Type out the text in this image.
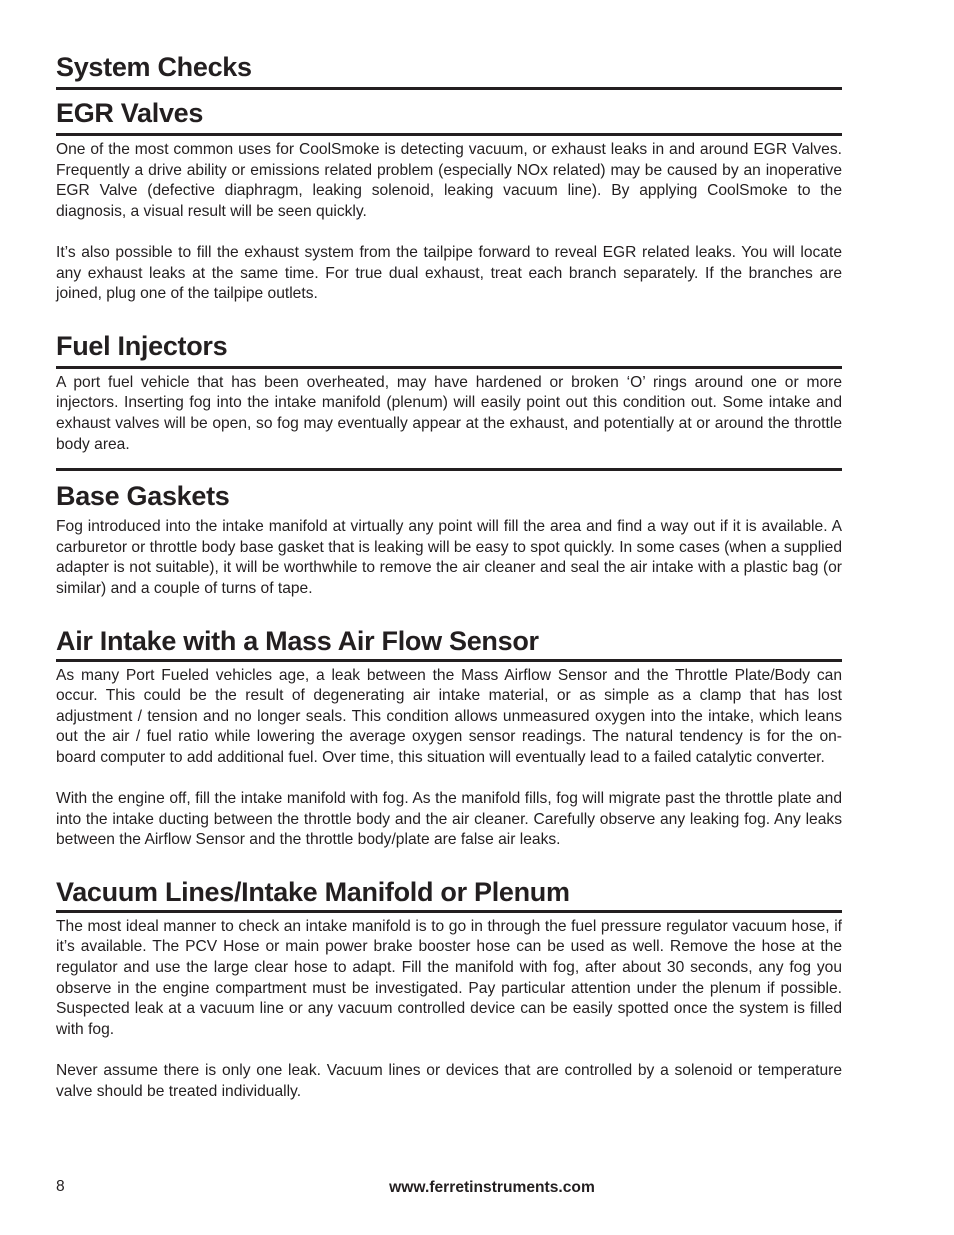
System Checks
EGR Valves

One of the most common uses for CoolSmoke is detecting vacuum, or exhaust leaks in and around EGR Valves. Frequently a drive ability or emissions related problem (especially NOx related) may be caused by an inoperative EGR Valve (defective diaphragm, leaking solenoid, leaking vacuum line). By applying CoolSmoke to the diagnosis, a visual result will be seen quickly.

It’s also possible to fill the exhaust system from the tailpipe forward to reveal EGR related leaks. You will locate any exhaust leaks at the same time. For true dual exhaust, treat each branch separately. If the branches are joined, plug one of the tailpipe outlets.

Fuel Injectors

A port fuel vehicle that has been overheated, may have hardened or broken ‘O’ rings around one or more injectors. Inserting fog into the intake manifold (plenum) will easily point out this condition out. Some intake and exhaust valves will be open, so fog may eventually appear at the exhaust, and potentially at or around the throttle body area.

Base Gaskets

Fog introduced into the intake manifold at virtually any point will fill the area and find a way out if it is available. A carburetor or throttle body base gasket that is leaking will be easy to spot quickly. In some cases (when a supplied adapter is not suitable), it will be worthwhile to remove the air cleaner and seal the air intake with a plastic bag (or similar) and a couple of turns of tape.

Air Intake with a Mass Air Flow Sensor

As many Port Fueled vehicles age, a leak between the Mass Airflow Sensor and the Throttle Plate/Body can occur. This could be the result of degenerating air intake material, or as simple as a clamp that has lost adjustment / tension and no longer seals. This condition allows unmeasured oxygen into the intake, which leans out the air / fuel ratio while lowering the average oxygen sensor readings. The natural tendency is for the on-board computer to add additional fuel. Over time, this situation will eventually lead to a failed catalytic converter.

With the engine off, fill the intake manifold with fog. As the manifold fills, fog will migrate past the throttle plate and into the intake ducting between the throttle body and the air cleaner. Carefully observe any leaking fog. Any leaks between the Airflow Sensor and the throttle body/plate are false air leaks.

Vacuum Lines/Intake Manifold or Plenum

The most ideal manner to check an intake manifold is to go in through the fuel pressure regulator vacuum hose, if it’s available. The PCV Hose or main power brake booster hose can be used as well. Remove the hose at the regulator and use the large clear hose to adapt. Fill the manifold with fog, after about 30 seconds, any fog you observe in the engine compartment must be investigated. Pay particular attention under the plenum if possible. Suspected leak at a vacuum line or any vacuum controlled device can be easily spotted once the system is filled with fog.

Never assume there is only one leak. Vacuum lines or devices that are controlled by a solenoid or temperature valve should be treated individually.

8	www.ferretinstruments.com
